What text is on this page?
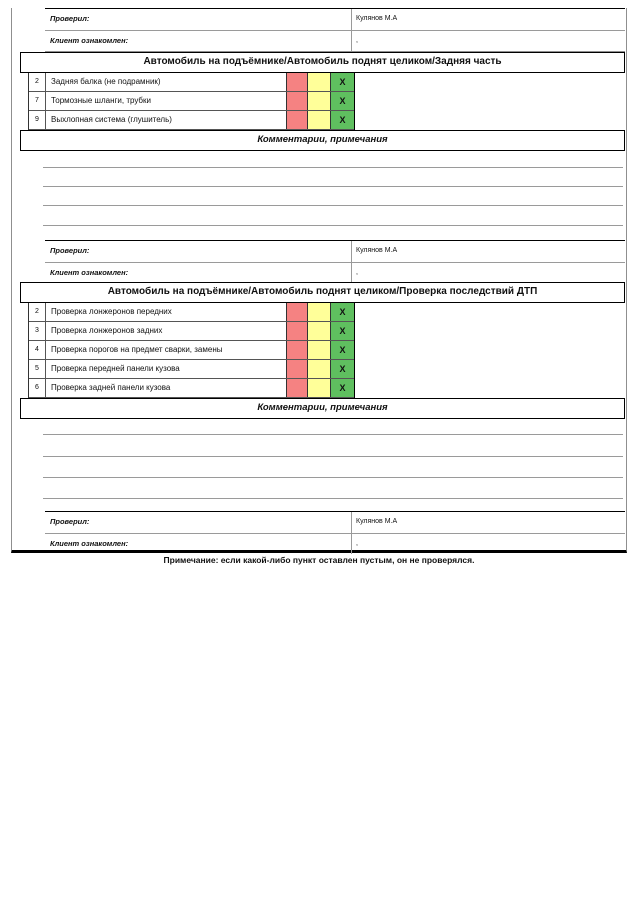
Проверил:	Кулянов М.А
Клиент ознакомлен:	,
Автомобиль на подъёмнике/Автомобиль поднят целиком/Задняя часть
2	Задняя балка (не подрамник)	X
7	Тормозные шланги, трубки	X
9	Выхлопная система (глушитель)	X
Комментарии, примечания
Проверил:	Кулянов М.А
Клиент ознакомлен:	,
Автомобиль на подъёмнике/Автомобиль поднят целиком/Проверка последствий ДТП
2	Проверка лонжеронов передних	X
3	Проверка лонжеронов задних	X
4	Проверка порогов на предмет сварки, замены	X
5	Проверка передней панели кузова	X
6	Проверка задней панели кузова	X
Комментарии, примечания
Проверил:	Кулянов М.А
Клиент ознакомлен:	,
Примечание: если какой-либо пункт оставлен пустым, он не проверялся.
